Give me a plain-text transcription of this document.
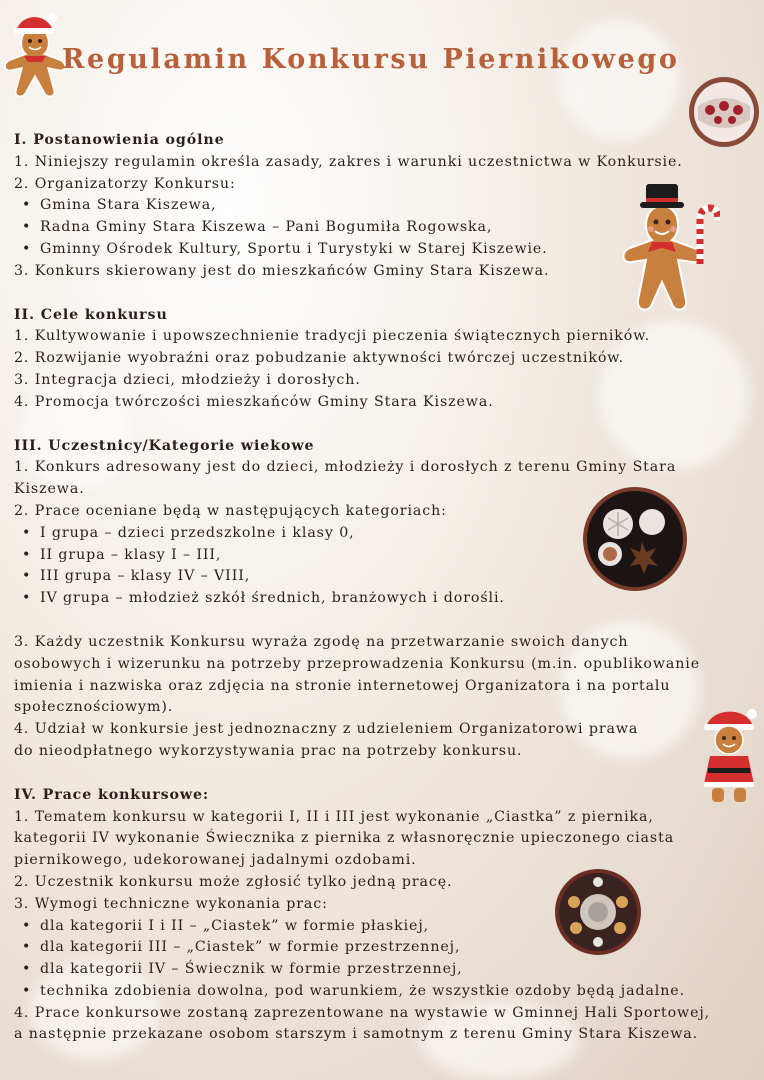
Regulamin Konkursu Piernikowego

I. Postanowienia ogólne

1. Niniejszy regulamin określa zasady, zakres i warunki uczestnictwa w Konkursie.

2. Organizatorzy Konkursu:

• Gmina Stara Kiszewa,

• Radna Gminy Stara Kiszewa – Pani Bogumiła Rogowska,

• Gminny Ośrodek Kultury, Sportu i Turystyki w Starej Kiszewie.

3. Konkurs skierowany jest do mieszkańców Gminy Stara Kiszewa.

II. Cele konkursu

1. Kultywowanie i upowszechnienie tradycji pieczenia świątecznych pierników.

2. Rozwijanie wyobraźni oraz pobudzanie aktywności twórczej uczestników.

3. Integracja dzieci, młodzieży i dorosłych.

4. Promocja twórczości mieszkańców Gminy Stara Kiszewa.

III. Uczestnicy/Kategorie wiekowe

1. Konkurs adresowany jest do dzieci, młodzieży i dorosłych z terenu Gminy Stara

Kiszewa.

2. Prace oceniane będą w następujących kategoriach:

• I grupa – dzieci przedszkolne i klasy 0,

• II grupa – klasy I – III,

• III grupa – klasy IV – VIII,

• IV grupa – młodzież szkół średnich, branżowych i dorośli.

3. Każdy uczestnik Konkursu wyraża zgodę na przetwarzanie swoich danych

osobowych i wizerunku na potrzeby przeprowadzenia Konkursu (m.in. opublikowanie

imienia i nazwiska oraz zdjęcia na stronie internetowej Organizatora i na portalu

społecznościowym).

4. Udział w konkursie jest jednoznaczny z udzieleniem Organizatorowi prawa

do nieodpłatnego wykorzystywania prac na potrzeby konkursu.

IV. Prace konkursowe:

1. Tematem konkursu w kategorii I, II i III jest wykonanie „Ciastka” z piernika,

kategorii IV wykonanie Świecznika z piernika z własnoręcznie upieczonego ciasta

piernikowego, udekorowanej jadalnymi ozdobami.

2. Uczestnik konkursu może zgłosić tylko jedną pracę.

3. Wymogi techniczne wykonania prac:

• dla kategorii I i II – „Ciastek” w formie płaskiej,

• dla kategorii III – „Ciastek” w formie przestrzennej,

• dla kategorii IV – Świecznik w formie przestrzennej,

• technika zdobienia dowolna, pod warunkiem, że wszystkie ozdoby będą jadalne.

4. Prace konkursowe zostaną zaprezentowane na wystawie w Gminnej Hali Sportowej,

a następnie przekazane osobom starszym i samotnym z terenu Gminy Stara Kiszewa.
